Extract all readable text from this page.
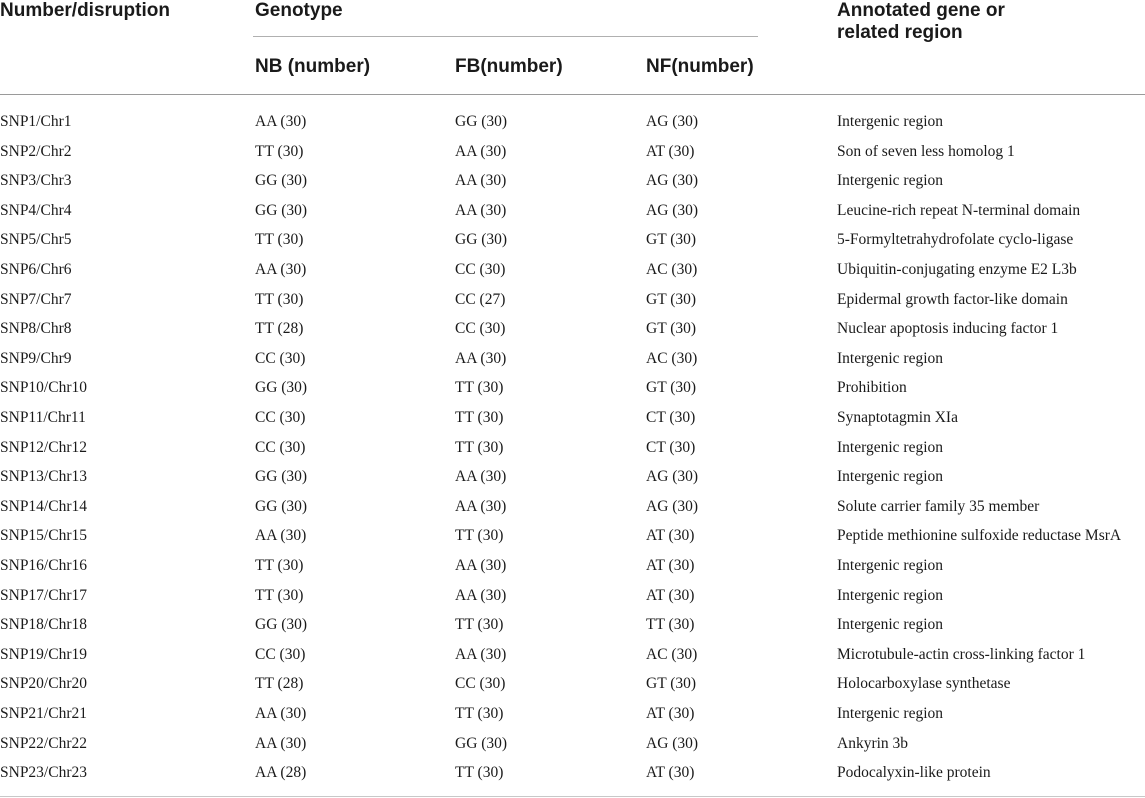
Number/disruption	Genotype	Annotated gene or
related region
NB (number)	FB(number)	NF(number)
SNP1/Chr1	AA (30)	GG (30)	AG (30)	Intergenic region
SNP2/Chr2	TT (30)	AA (30)	AT (30)	Son of seven less homolog 1
SNP3/Chr3	GG (30)	AA (30)	AG (30)	Intergenic region
SNP4/Chr4	GG (30)	AA (30)	AG (30)	Leucine-rich repeat N-terminal domain
SNP5/Chr5	TT (30)	GG (30)	GT (30)	5-Formyltetrahydrofolate cyclo-ligase
SNP6/Chr6	AA (30)	CC (30)	AC (30)	Ubiquitin-conjugating enzyme E2 L3b
SNP7/Chr7	TT (30)	CC (27)	GT (30)	Epidermal growth factor-like domain
SNP8/Chr8	TT (28)	CC (30)	GT (30)	Nuclear apoptosis inducing factor 1
SNP9/Chr9	CC (30)	AA (30)	AC (30)	Intergenic region
SNP10/Chr10	GG (30)	TT (30)	GT (30)	Prohibition
SNP11/Chr11	CC (30)	TT (30)	CT (30)	Synaptotagmin XIa
SNP12/Chr12	CC (30)	TT (30)	CT (30)	Intergenic region
SNP13/Chr13	GG (30)	AA (30)	AG (30)	Intergenic region
SNP14/Chr14	GG (30)	AA (30)	AG (30)	Solute carrier family 35 member
SNP15/Chr15	AA (30)	TT (30)	AT (30)	Peptide methionine sulfoxide reductase MsrA
SNP16/Chr16	TT (30)	AA (30)	AT (30)	Intergenic region
SNP17/Chr17	TT (30)	AA (30)	AT (30)	Intergenic region
SNP18/Chr18	GG (30)	TT (30)	TT (30)	Intergenic region
SNP19/Chr19	CC (30)	AA (30)	AC (30)	Microtubule-actin cross-linking factor 1
SNP20/Chr20	TT (28)	CC (30)	GT (30)	Holocarboxylase synthetase
SNP21/Chr21	AA (30)	TT (30)	AT (30)	Intergenic region
SNP22/Chr22	AA (30)	GG (30)	AG (30)	Ankyrin 3b
SNP23/Chr23	AA (28)	TT (30)	AT (30)	Podocalyxin-like protein
